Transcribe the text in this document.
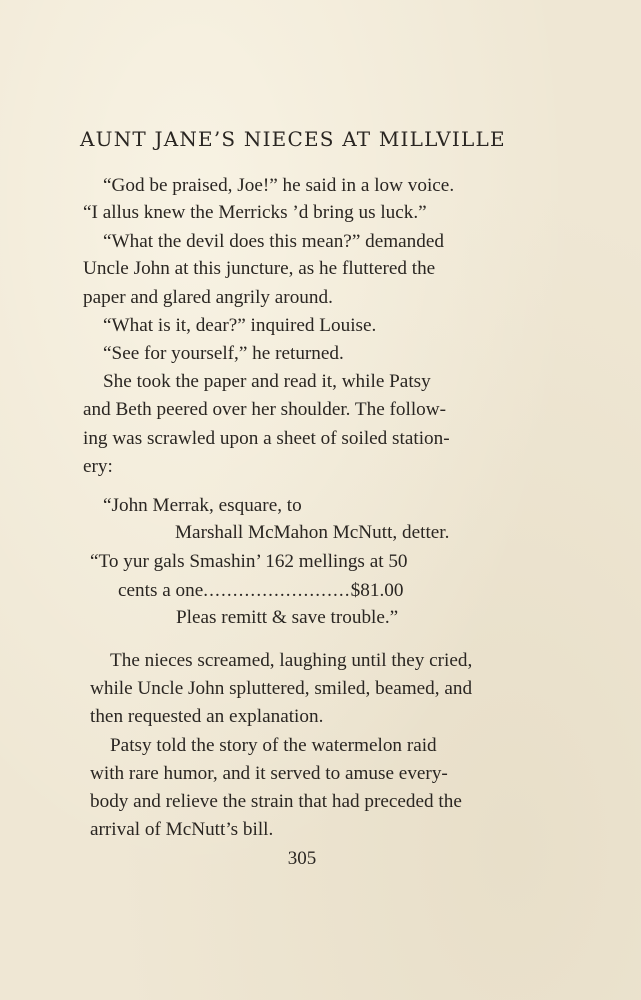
AUNT JANE’S NIECES AT MILLVILLE
“God be praised, Joe!” he said in a low voice.
“I allus knew the Merricks ’d bring us luck.”
“What the devil does this mean?” demanded
Uncle John at this juncture, as he fluttered the
paper and glared angrily around.
“What is it, dear?” inquired Louise.
“See for yourself,” he returned.
She took the paper and read it, while Patsy
and Beth peered over her shoulder. The follow-
ing was scrawled upon a sheet of soiled station-
ery:
“John Merrak, esquare, to
Marshall McMahon McNutt, detter.
“To yur gals Smashin’ 162 mellings at 50
cents a one.........................$81.00
Pleas remitt & save trouble.”
The nieces screamed, laughing until they cried,
while Uncle John spluttered, smiled, beamed, and
then requested an explanation.
Patsy told the story of the watermelon raid
with rare humor, and it served to amuse every-
body and relieve the strain that had preceded the
arrival of McNutt’s bill.
305
